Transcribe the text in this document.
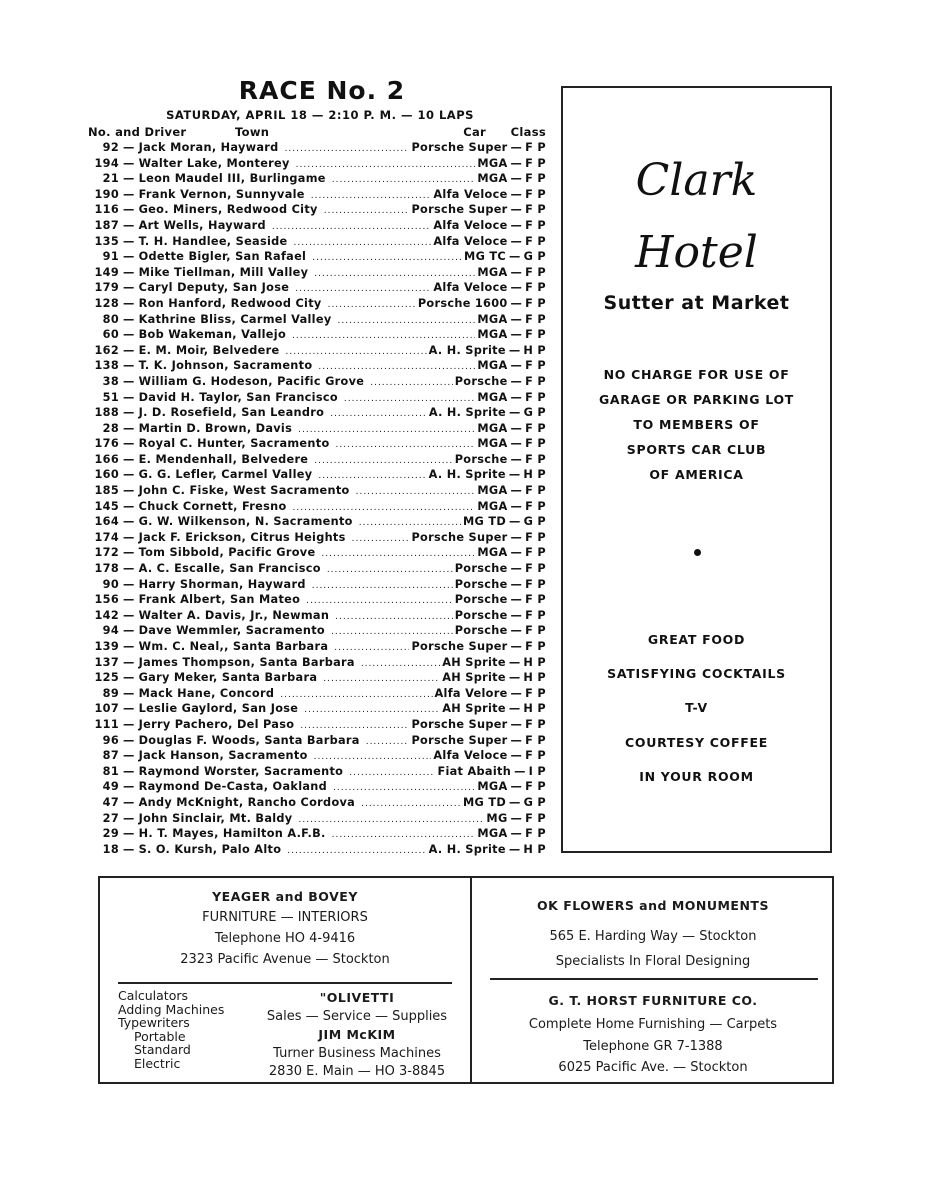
RACE No. 2
SATURDAY, APRIL 18 — 2:10 P. M. — 10 LAPS
No. and Driver	Town	Car Class
92 — Jack Moran, Hayward .....	Porsche Super — F P
194 — Walter Lake, Monterey .....	MGA — F P
21 — Leon Maudel III, Burlingame .....	MGA — F P
190 — Frank Vernon, Sunnyvale .....	Alfa Veloce — F P
116 — Geo. Miners, Redwood City .....	Porsche Super — F P
187 — Art Wells, Hayward .....	Alfa Veloce — F P
135 — T. H. Handlee, Seaside .....	Alfa Veloce — F P
91 — Odette Bigler, San Rafael .....	MG TC — G P
149 — Mike Tiellman, Mill Valley .....	MGA — F P
179 — Caryl Deputy, San Jose .....	Alfa Veloce — F P
128 — Ron Hanford, Redwood City .....	Porsche 1600 — F P
80 — Kathrine Bliss, Carmel Valley .....	MGA — F P
60 — Bob Wakeman, Vallejo .....	MGA — F P
162 — E. M. Moir, Belvedere .....	A. H. Sprite — H P
138 — T. K. Johnson, Sacramento .....	MGA — F P
38 — William G. Hodeson, Pacific Grove .....	Porsche — F P
51 — David H. Taylor, San Francisco .....	MGA — F P
188 — J. D. Rosefield, San Leandro .....	A. H. Sprite — G P
28 — Martin D. Brown, Davis .....	MGA — F P
176 — Royal C. Hunter, Sacramento .....	MGA — F P
166 — E. Mendenhall, Belvedere .....	Porsche — F P
160 — G. G. Lefler, Carmel Valley .....	A. H. Sprite — H P
185 — John C. Fiske, West Sacramento .....	MGA — F P
145 — Chuck Cornett, Fresno .....	MGA — F P
164 — G. W. Wilkenson, N. Sacramento .....	MG TD — G P
174 — Jack F. Erickson, Citrus Heights .....	Porsche Super — F P
172 — Tom Sibbold, Pacific Grove .....	MGA — F P
178 — A. C. Escalle, San Francisco .....	Porsche — F P
90 — Harry Shorman, Hayward .....	Porsche — F P
156 — Frank Albert, San Mateo .....	Porsche — F P
142 — Walter A. Davis, Jr., Newman .....	Porsche — F P
94 — Dave Wemmler, Sacramento .....	Porsche — F P
139 — Wm. C. Neal,, Santa Barbara .....	Porsche Super — F P
137 — James Thompson, Santa Barbara .....	AH Sprite — H P
125 — Gary Meker, Santa Barbara .....	AH Sprite — H P
89 — Mack Hane, Concord .....	Alfa Velore — F P
107 — Leslie Gaylord, San Jose .....	AH Sprite — H P
111 — Jerry Pachero, Del Paso .....	Porsche Super — F P
96 — Douglas F. Woods, Santa Barbara .....	Porsche Super — F P
87 — Jack Hanson, Sacramento .....	Alfa Veloce — F P
81 — Raymond Worster, Sacramento .....	Fiat Abaith — I P
49 — Raymond De-Casta, Oakland .....	MGA — F P
47 — Andy McKnight, Rancho Cordova .....	MG TD — G P
27 — John Sinclair, Mt. Baldy .....	MG — F P
29 — H. T. Mayes, Hamilton A.F.B. .....	MGA — F P
18 — S. O. Kursh, Palo Alto .....	A. H. Sprite — H P
Clark
Hotel
Sutter at Market
NO CHARGE FOR USE OF
GARAGE OR PARKING LOT
TO MEMBERS OF
SPORTS CAR CLUB
OF AMERICA
GREAT FOOD
SATISFYING COCKTAILS
T-V
COURTESY COFFEE
IN YOUR ROOM
YEAGER and BOVEY
FURNITURE — INTERIORS
Telephone HO 4-9416
2323 Pacific Avenue — Stockton
Calculators
Adding Machines
Typewriters
Portable
Standard
Electric
"OLIVETTI
Sales — Service — Supplies
JIM McKIM
Turner Business Machines
2830 E. Main — HO 3-8845
OK FLOWERS and MONUMENTS
565 E. Harding Way — Stockton
Specialists In Floral Designing
G. T. HORST FURNITURE CO.
Complete Home Furnishing — Carpets
Telephone GR 7-1388
6025 Pacific Ave. — Stockton
